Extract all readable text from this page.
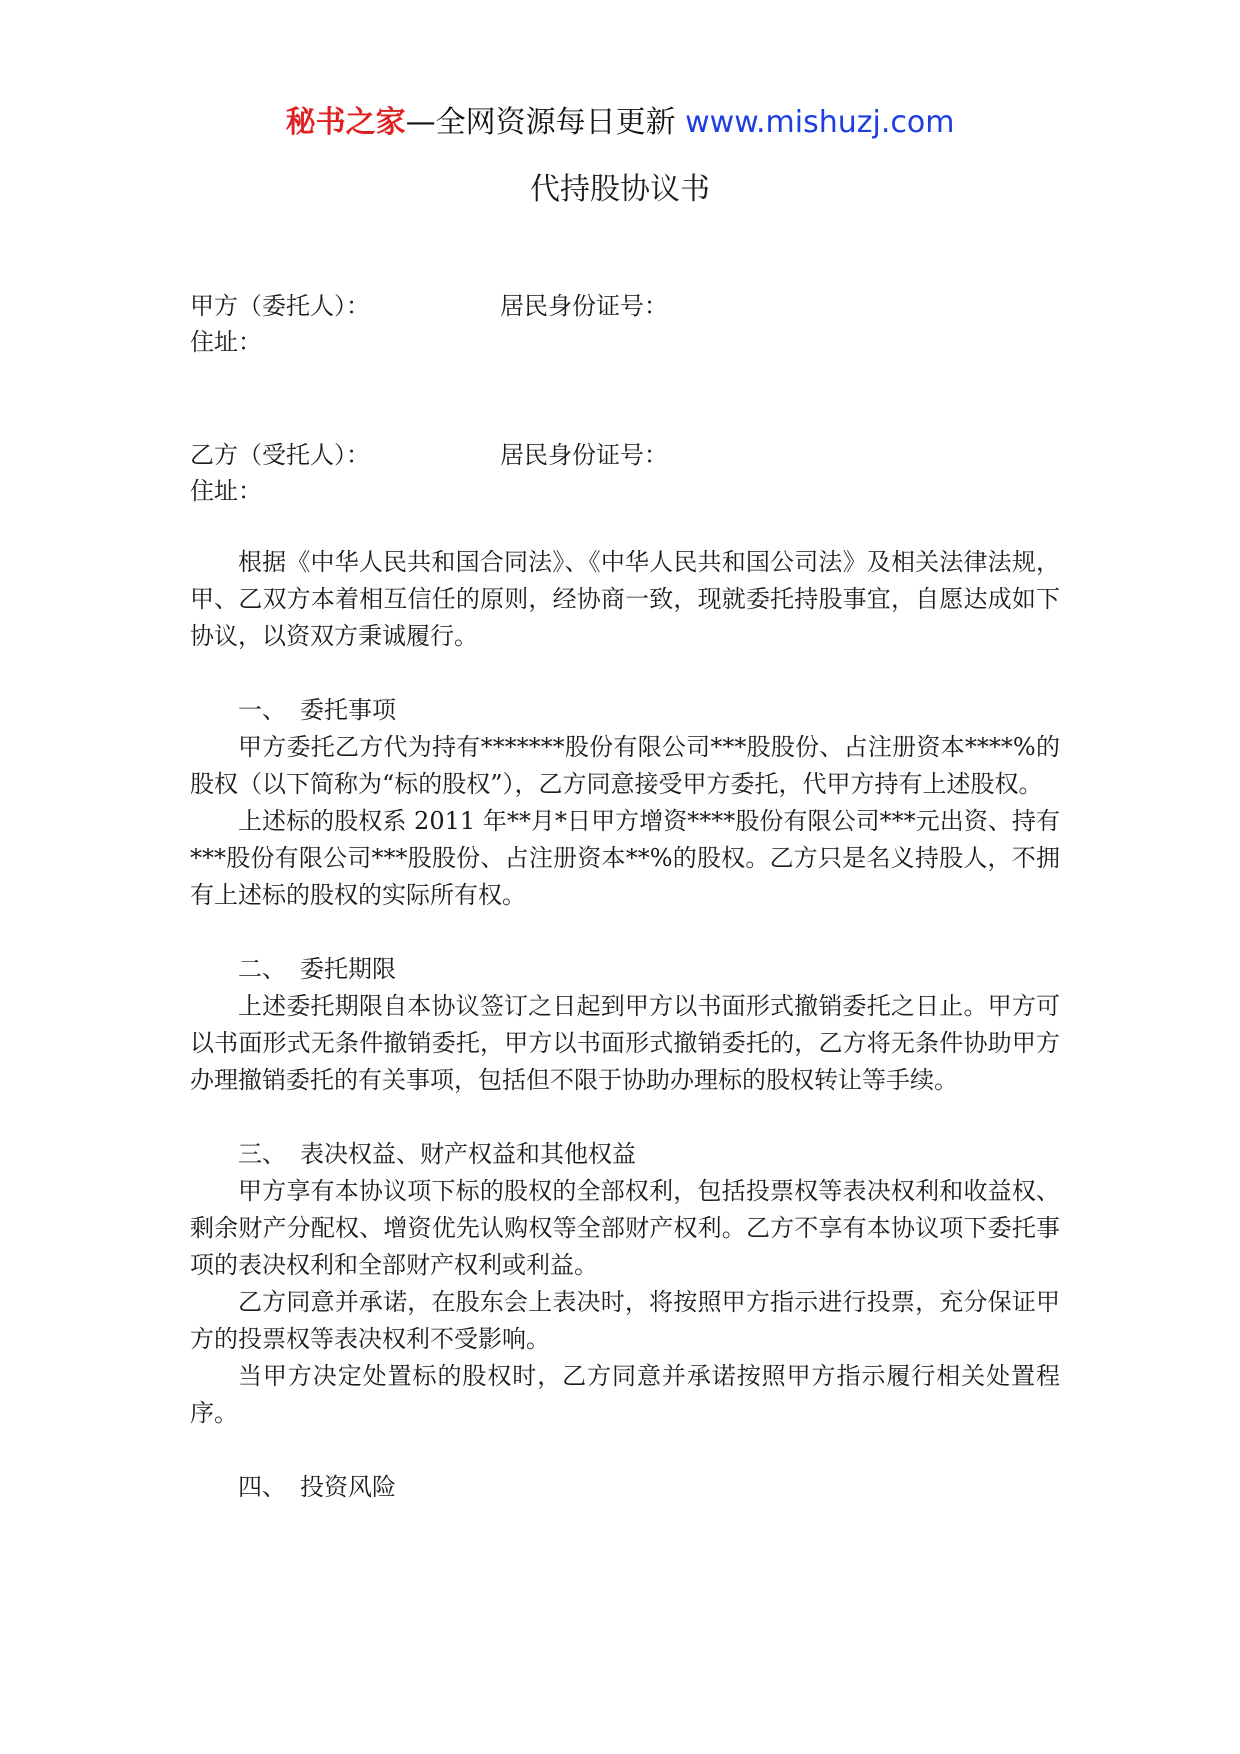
秘书之家—全网资源每日更新 www.mishuzj.com
代持股协议书
甲方（委托人）：	居民身份证号：
住址：
乙方（受托人）：	居民身份证号：
住址：

根据《中华人民共和国合同法》、《中华人民共和国公司法》及相关法律法规，甲、乙双方本着相互信任的原则，经协商一致，现就委托持股事宜，自愿达成如下协议，以资双方秉诚履行。

一、 委托事项

甲方委托乙方代为持有*******股份有限公司***股股份、占注册资本****%的股权（以下简称为“标的股权”），乙方同意接受甲方委托，代甲方持有上述股权。

上述标的股权系 2011 年**月*日甲方增资****股份有限公司***元出资、持有***股份有限公司***股股份、占注册资本**%的股权。乙方只是名义持股人，不拥有上述标的股权的实际所有权。

二、 委托期限

上述委托期限自本协议签订之日起到甲方以书面形式撤销委托之日止。甲方可以书面形式无条件撤销委托，甲方以书面形式撤销委托的，乙方将无条件协助甲方办理撤销委托的有关事项，包括但不限于协助办理标的股权转让等手续。

三、 表决权益、财产权益和其他权益

甲方享有本协议项下标的股权的全部权利，包括投票权等表决权利和收益权、剩余财产分配权、增资优先认购权等全部财产权利。乙方不享有本协议项下委托事项的表决权利和全部财产权利或利益。

乙方同意并承诺，在股东会上表决时，将按照甲方指示进行投票，充分保证甲方的投票权等表决权利不受影响。

当甲方决定处置标的股权时，乙方同意并承诺按照甲方指示履行相关处置程序。

四、 投资风险
